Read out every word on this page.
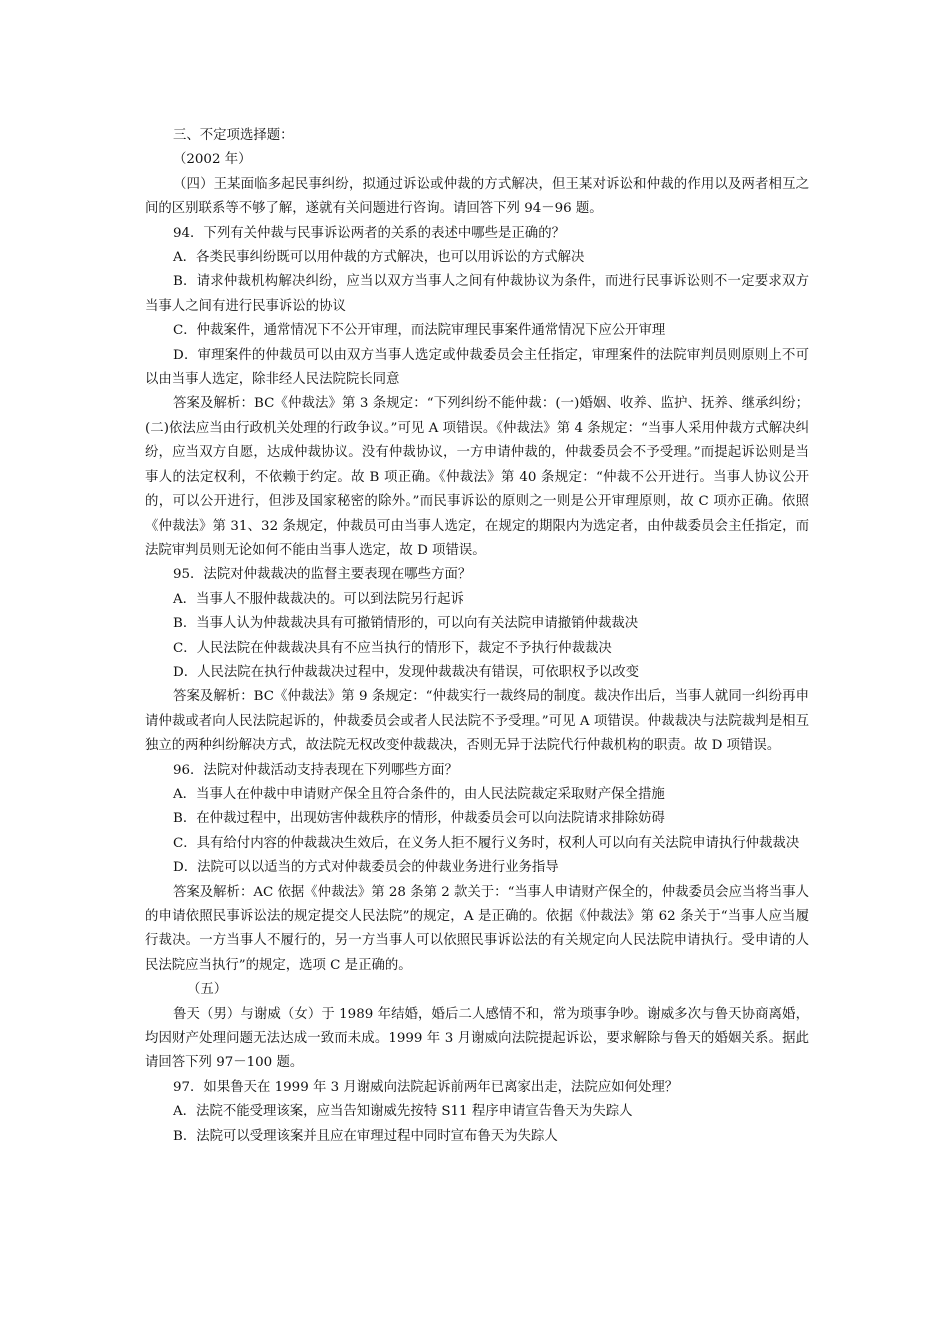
三、不定项选择题：

（2002 年）

（四）王某面临多起民事纠纷，拟通过诉讼或仲裁的方式解决，但王某对诉讼和仲裁的作用以及两者相互之间的区别联系等不够了解，遂就有关问题进行咨询。请回答下列 94－96 题。

94．下列有关仲裁与民事诉讼两者的关系的表述中哪些是正确的？

A．各类民事纠纷既可以用仲裁的方式解决，也可以用诉讼的方式解决

B．请求仲裁机构解决纠纷，应当以双方当事人之间有仲裁协议为条件，而进行民事诉讼则不一定要求双方当事人之间有进行民事诉讼的协议

C．仲裁案件，通常情况下不公开审理，而法院审理民事案件通常情况下应公开审理

D．审理案件的仲裁员可以由双方当事人选定或仲裁委员会主任指定，审理案件的法院审判员则原则上不可以由当事人选定，除非经人民法院院长同意

答案及解析：BC《仲裁法》第 3 条规定：“下列纠纷不能仲裁：(一)婚姻、收养、监护、抚养、继承纠纷；(二)依法应当由行政机关处理的行政争议。”可见 A 项错误。《仲裁法》第 4 条规定：“当事人采用仲裁方式解决纠纷，应当双方自愿，达成仲裁协议。没有仲裁协议，一方申请仲裁的，仲裁委员会不予受理。”而提起诉讼则是当事人的法定权利，不依赖于约定。故 B 项正确。《仲裁法》第 40 条规定：“仲裁不公开进行。当事人协议公开的，可以公开进行，但涉及国家秘密的除外。”而民事诉讼的原则之一则是公开审理原则，故 C 项亦正确。依照《仲裁法》第 31、32 条规定，仲裁员可由当事人选定，在规定的期限内为选定者，由仲裁委员会主任指定，而法院审判员则无论如何不能由当事人选定，故 D 项错误。

95．法院对仲裁裁决的监督主要表现在哪些方面？

A．当事人不服仲裁裁决的。可以到法院另行起诉

B．当事人认为仲裁裁决具有可撤销情形的，可以向有关法院申请撤销仲裁裁决

C．人民法院在仲裁裁决具有不应当执行的情形下，裁定不予执行仲裁裁决

D．人民法院在执行仲裁裁决过程中，发现仲裁裁决有错误，可依职权予以改变

答案及解析：BC《仲裁法》第 9 条规定：“仲裁实行一裁终局的制度。裁决作出后，当事人就同一纠纷再申请仲裁或者向人民法院起诉的，仲裁委员会或者人民法院不予受理。”可见 A 项错误。仲裁裁决与法院裁判是相互独立的两种纠纷解决方式，故法院无权改变仲裁裁决，否则无异于法院代行仲裁机构的职责。故 D 项错误。

96．法院对仲裁活动支持表现在下列哪些方面？

A．当事人在仲裁中申请财产保全且符合条件的，由人民法院裁定采取财产保全措施

B．在仲裁过程中，出现妨害仲裁秩序的情形，仲裁委员会可以向法院请求排除妨碍

C．具有给付内容的仲裁裁决生效后，在义务人拒不履行义务时，权利人可以向有关法院申请执行仲裁裁决

D．法院可以以适当的方式对仲裁委员会的仲裁业务进行业务指导

答案及解析：AC 依据《仲裁法》第 28 条第 2 款关于：“当事人申请财产保全的，仲裁委员会应当将当事人的申请依照民事诉讼法的规定提交人民法院”的规定，A 是正确的。依据《仲裁法》第 62 条关于“当事人应当履行裁决。一方当事人不履行的，另一方当事人可以依照民事诉讼法的有关规定向人民法院申请执行。受申请的人民法院应当执行”的规定，选项 C 是正确的。

（五）

鲁天（男）与谢威（女）于 1989 年结婚，婚后二人感情不和，常为琐事争吵。谢威多次与鲁天协商离婚，均因财产处理问题无法达成一致而未成。1999 年 3 月谢威向法院提起诉讼，要求解除与鲁天的婚姻关系。据此请回答下列 97－100 题。

97．如果鲁天在 1999 年 3 月谢威向法院起诉前两年已离家出走，法院应如何处理？

A．法院不能受理该案，应当告知谢威先按特 S11 程序申请宣告鲁天为失踪人

B．法院可以受理该案并且应在审理过程中同时宣布鲁天为失踪人
